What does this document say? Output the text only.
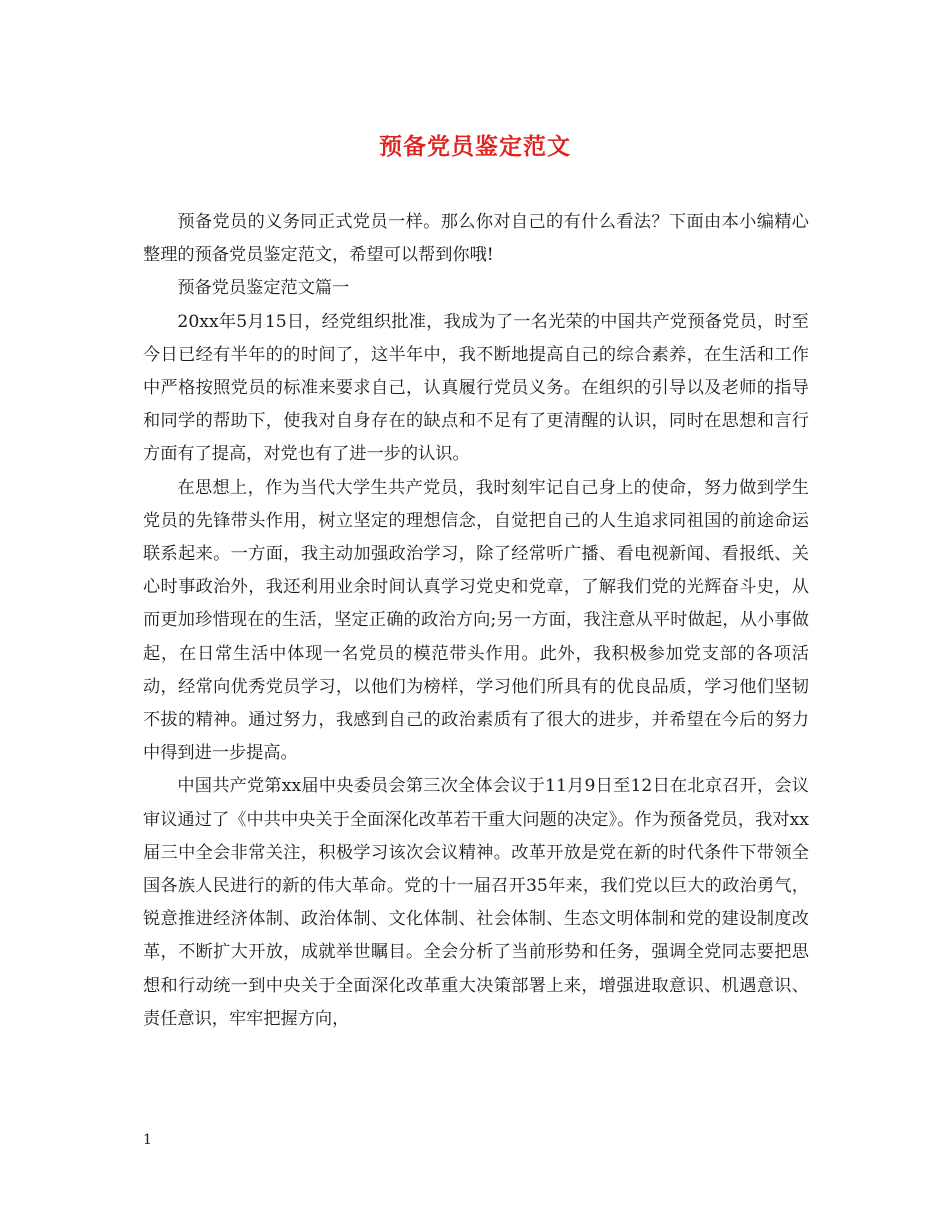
预备党员鉴定范文

预备党员的义务同正式党员一样。那么你对自己的有什么看法？下面由本小编精心整理的预备党员鉴定范文，希望可以帮到你哦!

预备党员鉴定范文篇一

20xx年5月15日，经党组织批准，我成为了一名光荣的中国共产党预备党员，时至今日已经有半年的的时间了，这半年中，我不断地提高自己的综合素养，在生活和工作中严格按照党员的标准来要求自己，认真履行党员义务。在组织的引导以及老师的指导和同学的帮助下，使我对自身存在的缺点和不足有了更清醒的认识，同时在思想和言行方面有了提高，对党也有了进一步的认识。

在思想上，作为当代大学生共产党员，我时刻牢记自己身上的使命，努力做到学生党员的先锋带头作用，树立坚定的理想信念，自觉把自己的人生追求同祖国的前途命运联系起来。一方面，我主动加强政治学习，除了经常听广播、看电视新闻、看报纸、关心时事政治外，我还利用业余时间认真学习党史和党章，了解我们党的光辉奋斗史，从而更加珍惜现在的生活，坚定正确的政治方向;另一方面，我注意从平时做起，从小事做起，在日常生活中体现一名党员的模范带头作用。此外，我积极参加党支部的各项活动，经常向优秀党员学习，以他们为榜样，学习他们所具有的优良品质，学习他们坚韧不拔的精神。通过努力，我感到自己的政治素质有了很大的进步，并希望在今后的努力中得到进一步提高。

中国共产党第xx届中央委员会第三次全体会议于11月9日至12日在北京召开，会议审议通过了《中共中央关于全面深化改革若干重大问题的决定》。作为预备党员，我对xx届三中全会非常关注，积极学习该次会议精神。改革开放是党在新的时代条件下带领全国各族人民进行的新的伟大革命。党的十一届召开35年来，我们党以巨大的政治勇气，锐意推进经济体制、政治体制、文化体制、社会体制、生态文明体制和党的建设制度改革，不断扩大开放，成就举世瞩目。全会分析了当前形势和任务，强调全党同志要把思想和行动统一到中央关于全面深化改革重大决策部署上来，增强进取意识、机遇意识、责任意识，牢牢把握方向，

1
